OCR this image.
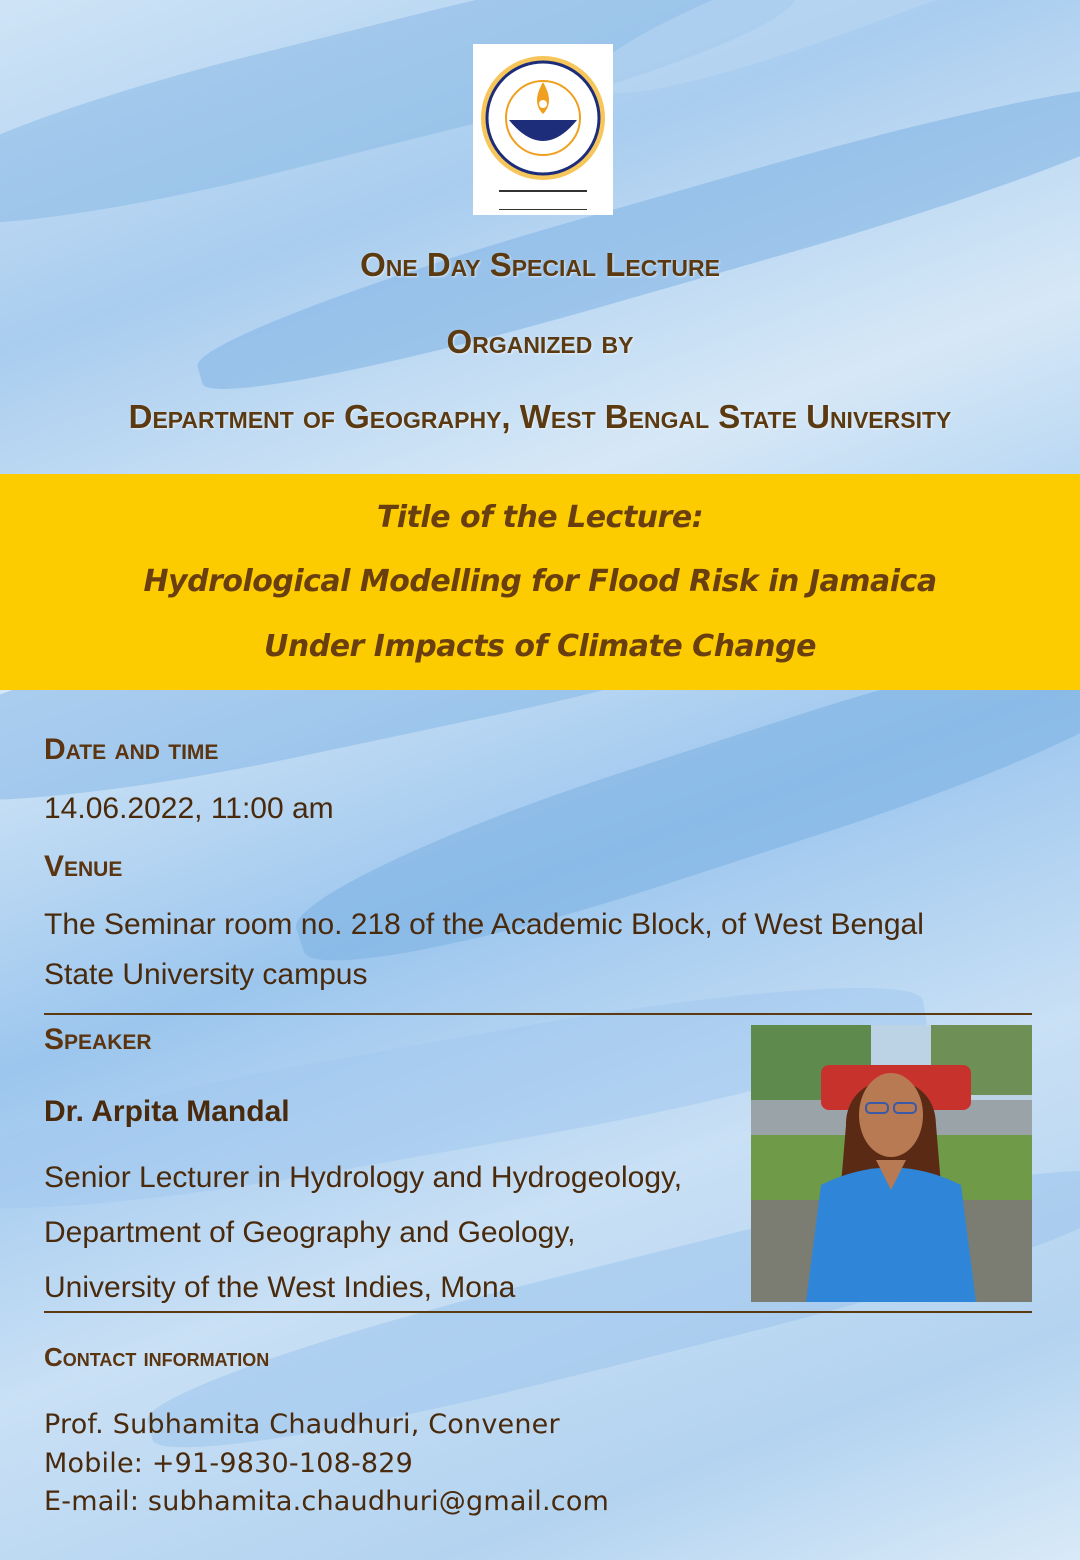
One Day Special Lecture
Organized by
Department of Geography, West Bengal State University
Title of the Lecture:
Hydrological Modelling for Flood Risk in Jamaica
Under Impacts of Climate Change
Date and time
14.06.2022, 11:00 am
Venue
The Seminar room no. 218 of the Academic Block, of West Bengal
State University campus
Speaker
Dr. Arpita Mandal
Senior Lecturer in Hydrology and Hydrogeology,
Department of Geography and Geology,
University of the West Indies, Mona
Contact information
Prof. Subhamita Chaudhuri, Convener
Mobile: +91-9830-108-829
E-mail: subhamita.chaudhuri@gmail.com
